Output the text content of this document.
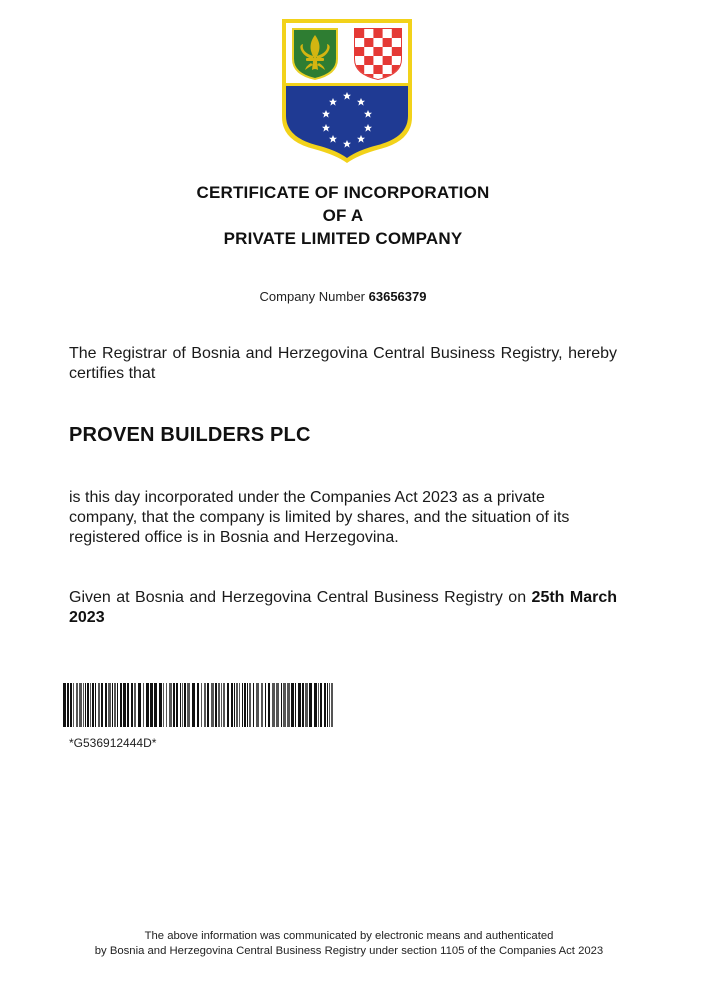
CERTIFICATE OF INCORPORATION
OF A
PRIVATE LIMITED COMPANY
Company Number 63656379
The Registrar of Bosnia and Herzegovina Central Business Registry, hereby certifies that
PROVEN BUILDERS PLC
is this day incorporated under the Companies Act 2023 as a private company, that the company is limited by shares, and the situation of its registered office is in Bosnia and Herzegovina.
Given at Bosnia and Herzegovina Central Business Registry on 25th March 2023
*G536912444D*
The above information was communicated by electronic means and authenticated
by Bosnia and Herzegovina Central Business Registry under section 1105 of the Companies Act 2023
